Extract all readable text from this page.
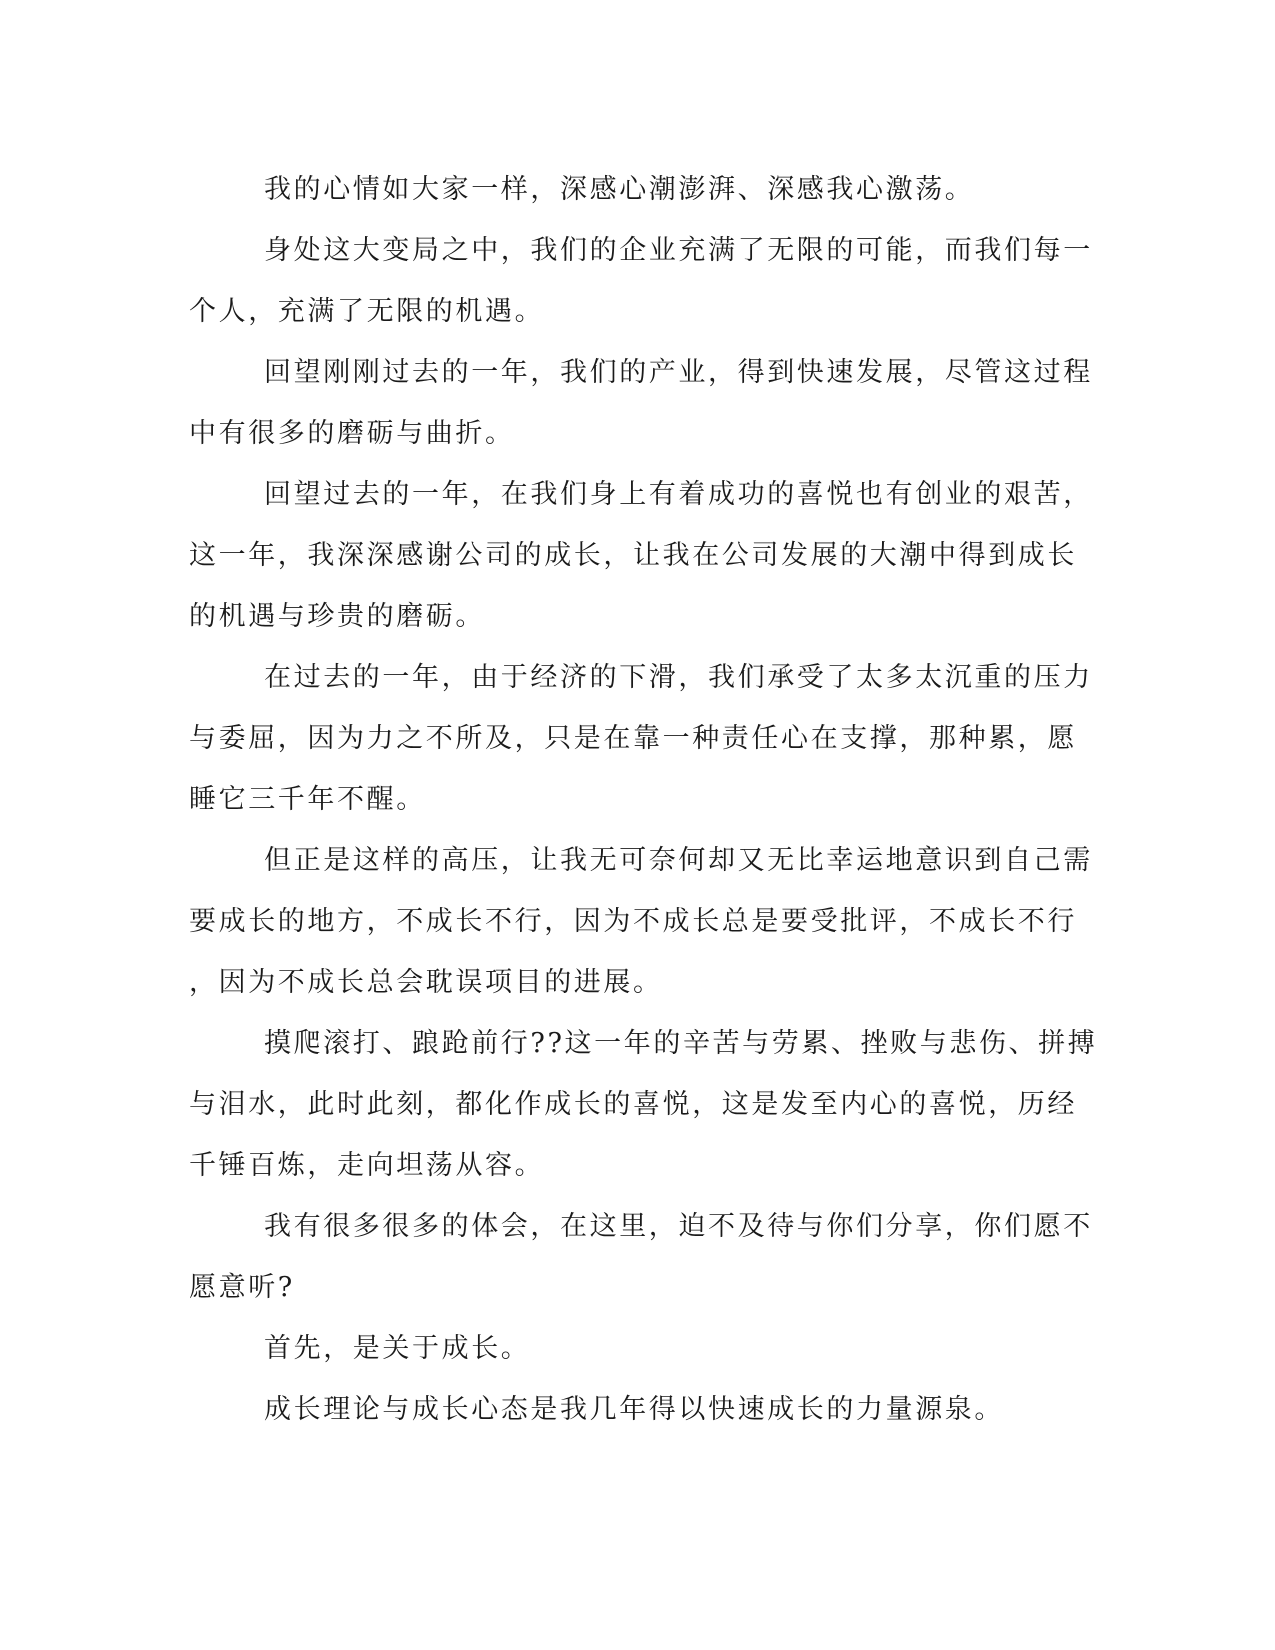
我的心情如大家一样，深感心潮澎湃、深感我心激荡。
身处这大变局之中，我们的企业充满了无限的可能，而我们每一
个人，充满了无限的机遇。
回望刚刚过去的一年，我们的产业，得到快速发展，尽管这过程
中有很多的磨砺与曲折。
回望过去的一年，在我们身上有着成功的喜悦也有创业的艰苦，
这一年，我深深感谢公司的成长，让我在公司发展的大潮中得到成长
的机遇与珍贵的磨砺。
在过去的一年，由于经济的下滑，我们承受了太多太沉重的压力
与委屈，因为力之不所及，只是在靠一种责任心在支撑，那种累，愿
睡它三千年不醒。
但正是这样的高压，让我无可奈何却又无比幸运地意识到自己需
要成长的地方，不成长不行，因为不成长总是要受批评，不成长不行
，因为不成长总会耽误项目的进展。
摸爬滚打、踉跄前行??这一年的辛苦与劳累、挫败与悲伤、拼搏
与泪水，此时此刻，都化作成长的喜悦，这是发至内心的喜悦，历经
千锤百炼，走向坦荡从容。
我有很多很多的体会，在这里，迫不及待与你们分享，你们愿不
愿意听?
首先，是关于成长。
成长理论与成长心态是我几年得以快速成长的力量源泉。
